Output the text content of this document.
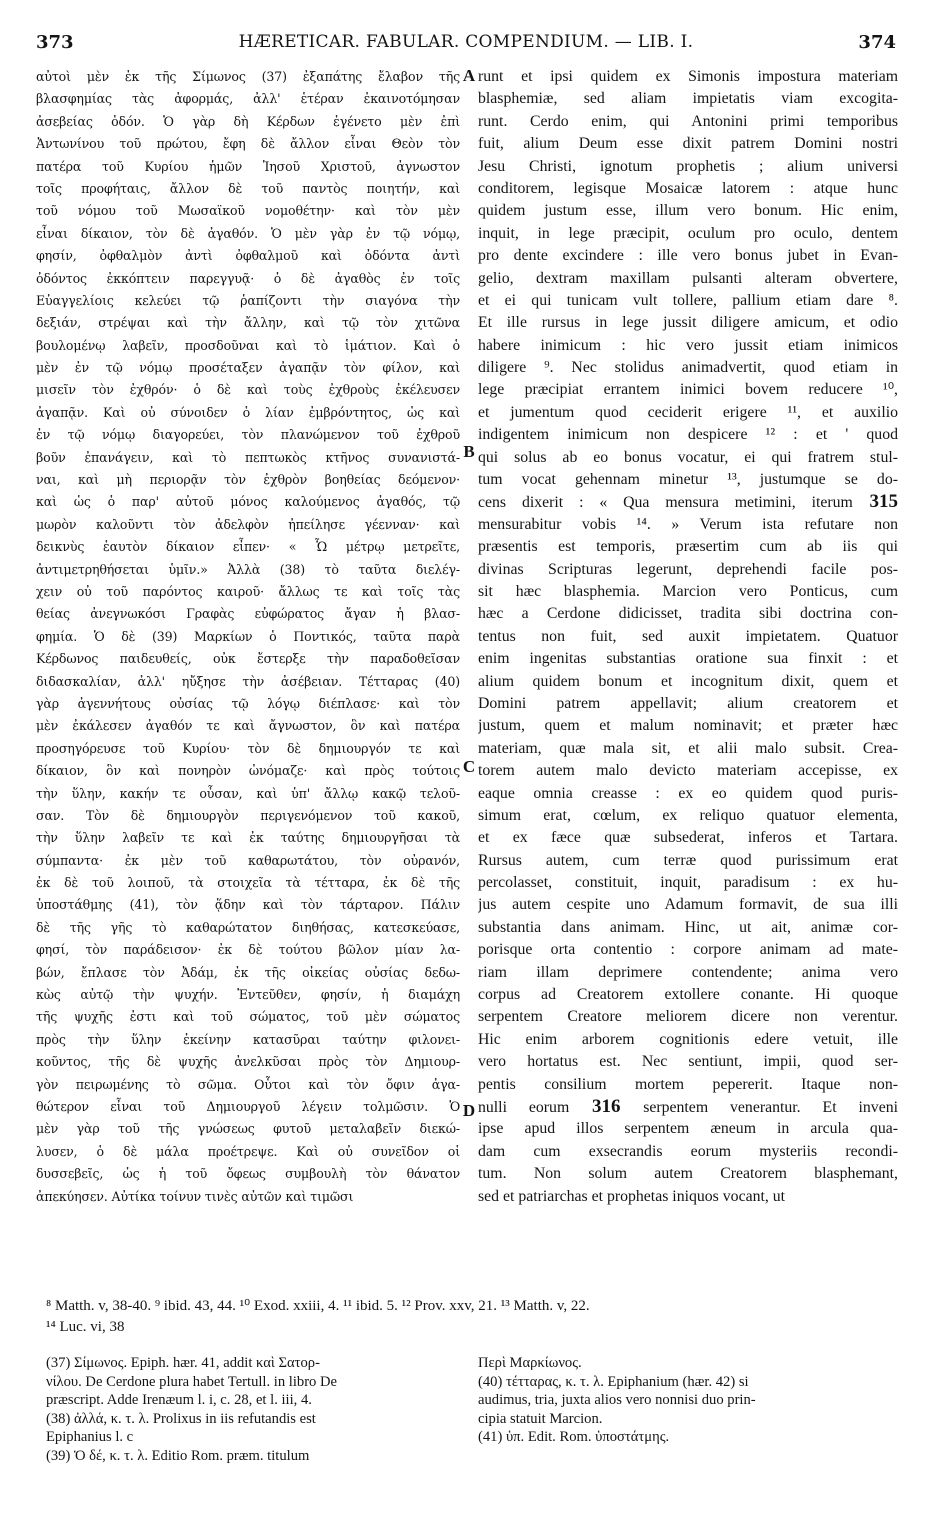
373	HÆRETICAR. FABULAR. COMPENDIUM. — LIB. I.	374
αὐτοὶ μὲν ἐκ τῆς Σίμωνος (37) ἐξαπάτης ἔλαβον τῆς
βλασφημίας τὰς ἀφορμάς, ἀλλ' ἑτέραν ἐκαινοτόμησαν
ἀσεβείας ὁδόν. Ὁ γὰρ δὴ Κέρδων ἐγένετο μὲν ἐπὶ
Ἀντωνίνου τοῦ πρώτου, ἔφη δὲ ἄλλον εἶναι Θεὸν τὸν
πατέρα τοῦ Κυρίου ἡμῶν Ἰησοῦ Χριστοῦ, ἀγνωστον
τοῖς προφήταις, ἄλλον δὲ τοῦ παντὸς ποιητήν, καὶ
τοῦ νόμου τοῦ Μωσαϊκοῦ νομοθέτην· καὶ τὸν μὲν
εἶναι δίκαιον, τὸν δὲ ἀγαθόν. Ὁ μὲν γὰρ ἐν τῷ νόμῳ,
φησίν, ὀφθαλμὸν ἀντὶ ὀφθαλμοῦ καὶ ὀδόντα ἀντὶ
ὀδόντος ἐκκόπτειν παρεγγυᾷ· ὁ δὲ ἀγαθὸς ἐν τοῖς
Εὐαγγελίοις κελεύει τῷ ῥαπίζοντι τὴν σιαγόνα τὴν
δεξιάν, στρέψαι καὶ τὴν ἄλλην, καὶ τῷ τὸν χιτῶνα
βουλομένῳ λαβεῖν, προσδοῦναι καὶ τὸ ἱμάτιον. Καὶ ὁ
μὲν ἐν τῷ νόμῳ προσέταξεν ἀγαπᾷν τὸν φίλον, καὶ
μισεῖν τὸν ἐχθρόν· ὁ δὲ καὶ τοὺς ἐχθροὺς ἐκέλευσεν
ἀγαπᾷν. Καὶ οὐ σύνοιδεν ὁ λίαν ἐμβρόντητος, ὡς καὶ
ἐν τῷ νόμῳ διαγορεύει, τὸν πλανώμενον τοῦ ἐχθροῦ
βοῦν ἐπανάγειν, καὶ τὸ πεπτωκὸς κτῆνος συνανιστά-
ναι, καὶ μὴ περιορᾷν τὸν ἐχθρὸν βοηθείας δεόμενον·
καὶ ὡς ὁ παρ' αὐτοῦ μόνος καλούμενος ἀγαθός, τῷ
μωρὸν καλοῦντι τὸν ἀδελφὸν ἠπείλησε γέενναν· καὶ
δεικνὺς ἑαυτὸν δίκαιον εἶπεν· « Ὧ μέτρῳ μετρεῖτε,
ἀντιμετρηθήσεται ὑμῖν.» Ἀλλὰ (38) τὸ ταῦτα διελέγ-
χειν οὐ τοῦ παρόντος καιροῦ· ἄλλως τε καὶ τοῖς τὰς
θείας ἀνεγνωκόσι Γραφὰς εὐφώρατος ἄγαν ἡ βλασ-
φημία. Ὁ δὲ (39) Μαρκίων ὁ Ποντικός, ταῦτα παρὰ
Κέρδωνος παιδευθείς, οὐκ ἔστερξε τὴν παραδοθεῖσαν
διδασκαλίαν, ἀλλ' ηὔξησε τὴν ἀσέβειαν. Τέτταρας (40)
γὰρ ἀγεννήτους οὐσίας τῷ λόγῳ διέπλασε· καὶ τὸν
μὲν ἐκάλεσεν ἀγαθόν τε καὶ ἄγνωστον, ὃν καὶ πατέρα
προσηγόρευσε τοῦ Κυρίου· τὸν δὲ δημιουργόν τε καὶ
δίκαιον, ὃν καὶ πονηρὸν ὠνόμαζε· καὶ πρὸς τούτοις
τὴν ὕλην, κακήν τε οὖσαν, καὶ ὑπ' ἄλλῳ κακῷ τελοῦ-
σαν. Τὸν δὲ δημιουργὸν περιγενόμενον τοῦ κακοῦ,
τὴν ὕλην λαβεῖν τε καὶ ἐκ ταύτης δημιουργῆσαι τὰ
σύμπαντα· ἐκ μὲν τοῦ καθαρωτάτου, τὸν οὐρανόν,
ἐκ δὲ τοῦ λοιποῦ, τὰ στοιχεῖα τὰ τέτταρα, ἐκ δὲ τῆς
ὑποστάθμης (41), τὸν ᾅδην καὶ τὸν τάρταρον. Πάλιν
δὲ τῆς γῆς τὸ καθαρώτατον διηθήσας, κατεσκεύασε,
φησί, τὸν παράδεισον· ἐκ δὲ τούτου βῶλον μίαν λα-
βών, ἔπλασε τὸν Ἀδάμ, ἐκ τῆς οἰκείας οὐσίας δεδω-
κὼς αὐτῷ τὴν ψυχήν. Ἐντεῦθεν, φησίν, ἡ διαμάχη
τῆς ψυχῆς ἐστι καὶ τοῦ σώματος, τοῦ μὲν σώματος
πρὸς τὴν ὕλην ἐκείνην κατασῦραι ταύτην φιλονει-
κοῦντος, τῆς δὲ ψυχῆς ἀνελκῦσαι πρὸς τὸν Δημιουρ-
γὸν πειρωμένης τὸ σῶμα. Οὗτοι καὶ τὸν ὄφιν ἀγα-
θώτερον εἶναι τοῦ Δημιουργοῦ λέγειν τολμῶσιν. Ὁ
μὲν γὰρ τοῦ τῆς γνώσεως φυτοῦ μεταλαβεῖν διεκώ-
λυσεν, ὁ δὲ μάλα προέτρεψε. Καὶ οὐ συνεῖδον οἱ
δυσσεβεῖς, ὡς ἡ τοῦ ὄφεως συμβουλὴ τὸν θάνατον
ἀπεκύησεν. Αὐτίκα τοίνυν τινὲς αὐτῶν καὶ τιμῶσι
runt et ipsi quidem ex Simonis impostura materiam
blasphemiæ, sed aliam impietatis viam excogita-
runt. Cerdo enim, qui Antonini primi temporibus
fuit, alium Deum esse dixit patrem Domini nostri
Jesu Christi, ignotum prophetis ; alium universi
conditorem, legisque Mosaicæ latorem : atque hunc
quidem justum esse, illum vero bonum. Hic enim,
inquit, in lege præcipit, oculum pro oculo, dentem
pro dente excindere : ille vero bonus jubet in Evan-
gelio, dextram maxillam pulsanti alteram obvertere,
et ei qui tunicam vult tollere, pallium etiam dare ⁸.
Et ille rursus in lege jussit diligere amicum, et odio
habere inimicum : hic vero jussit etiam inimicos
diligere ⁹. Nec stolidus animadvertit, quod etiam in
lege præcipiat errantem inimici bovem reducere ¹⁰,
et jumentum quod ceciderit erigere ¹¹, et auxilio
indigentem inimicum non despicere ¹² : et ' quod
qui solus ab eo bonus vocatur, ei qui fratrem stul-
tum vocat gehennam minetur ¹³, justumque se do-
cens dixerit : « Qua mensura metimini, iterum 315
mensurabitur vobis ¹⁴. » Verum ista refutare non
præsentis est temporis, præsertim cum ab iis qui
divinas Scripturas legerunt, deprehendi facile pos-
sit hæc blasphemia. Marcion vero Ponticus, cum
hæc a Cerdone didicisset, tradita sibi doctrina con-
tentus non fuit, sed auxit impietatem. Quatuor
enim ingenitas substantias oratione sua finxit : et
alium quidem bonum et incognitum dixit, quem et
Domini patrem appellavit; alium creatorem et
justum, quem et malum nominavit; et præter hæc
materiam, quæ mala sit, et alii malo subsit. Crea-
torem autem malo devicto materiam accepisse, ex
eaque omnia creasse : ex eo quidem quod puris-
simum erat, cœlum, ex reliquo quatuor elementa,
et ex fæce quæ subsederat, inferos et Tartara.
Rursus autem, cum terræ quod purissimum erat
percolasset, constituit, inquit, paradisum : ex hu-
jus autem cespite uno Adamum formavit, de sua illi
substantia dans animam. Hinc, ut ait, animæ cor-
porisque orta contentio : corpore animam ad mate-
riam illam deprimere contendente; anima vero
corpus ad Creatorem extollere conante. Hi quoque
serpentem Creatore meliorem dicere non verentur.
Hic enim arborem cognitionis edere vetuit, ille
vero hortatus est. Nec sentiunt, impii, quod ser-
pentis consilium mortem pepererit. Itaque non-
nulli eorum 316 serpentem venerantur. Et inveni
ipse apud illos serpentem æneum in arcula qua-
dam cum exsecrandis eorum mysteriis recondi-
tum. Non solum autem Creatorem blasphemant,
sed et patriarchas et prophetas iniquos vocant, ut
A
B
C
D
⁸ Matth. v, 38-40. ⁹ ibid. 43, 44. ¹⁰ Exod. xxiii, 4. ¹¹ ibid. 5. ¹² Prov. xxv, 21. ¹³ Matth. v, 22.
¹⁴ Luc. vi, 38
(37) Σίμωνος. Epiph. hær. 41, addit καὶ Σατορ-
νίλου. De Cerdone plura habet Tertull. in libro De
præscript. Adde Irenæum l. i, c. 28, et l. iii, 4.
(38) ἀλλά, κ. τ. λ. Prolixus in iis refutandis est
Epiphanius l. c
(39) Ὁ δέ, κ. τ. λ. Editio Rom. præm. titulum
Περὶ Μαρκίωνος.
(40) τέτταρας, κ. τ. λ. Epiphanium (hær. 42) si
audimus, tria, juxta alios vero nonnisi duo prin-
cipia statuit Marcion.
(41) ὑπ. Edit. Rom. ὑποστάτμης.
